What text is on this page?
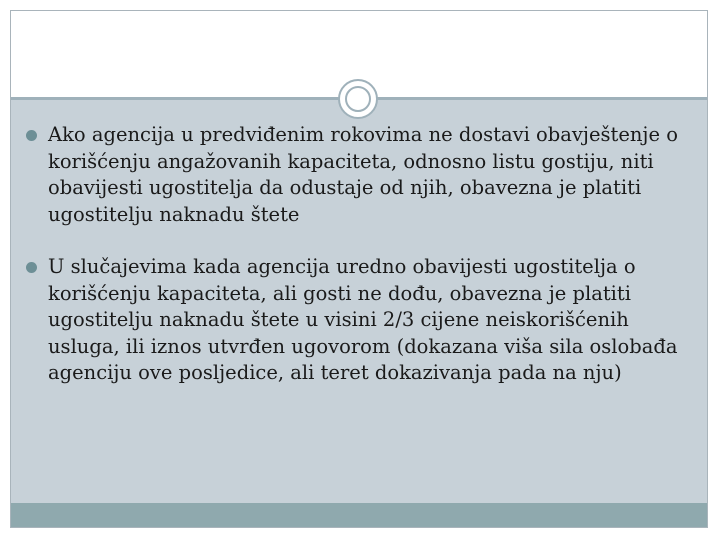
Ako agencija u predviđenim rokovima ne dostavi obavještenje o korišćenju angažovanih kapaciteta, odnosno listu gostiju, niti obavijesti ugostitelja da odustaje od njih, obavezna je platiti ugostitelju naknadu štete
U slučajevima kada agencija uredno obavijesti ugostitelja o korišćenju kapaciteta, ali gosti ne dođu, obavezna je platiti ugostitelju naknadu štete u visini 2/3 cijene neiskorišćenih usluga, ili iznos utvrđen ugovorom (dokazana viša sila oslobađa agenciju ove posljedice, ali teret dokazivanja pada na nju)
